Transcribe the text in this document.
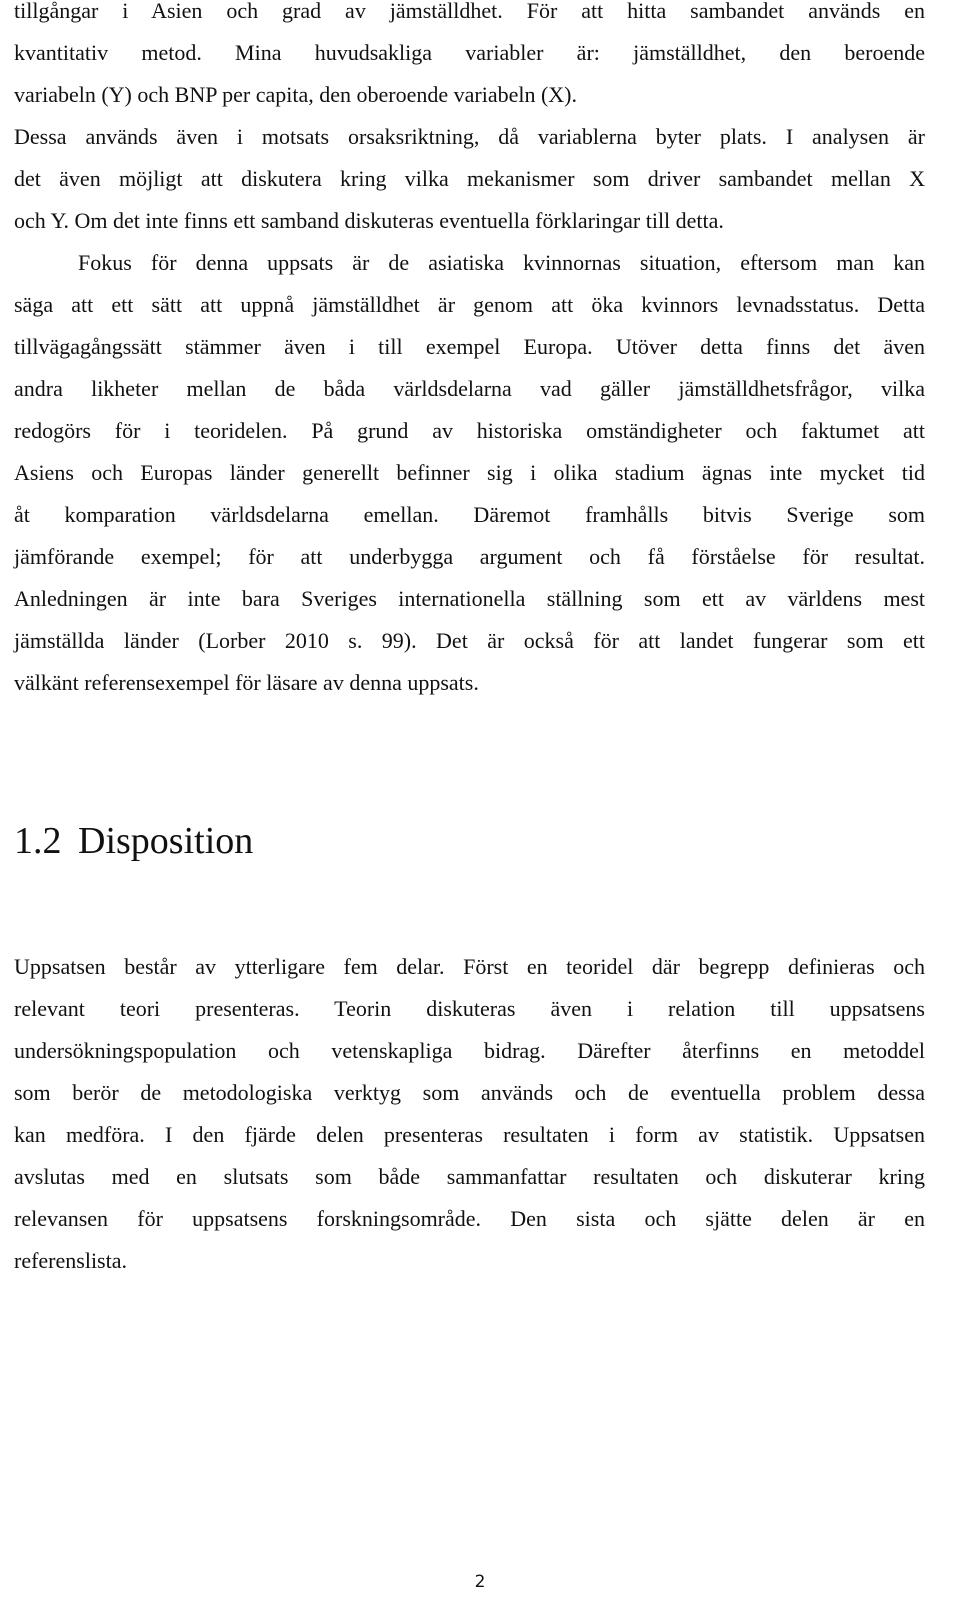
tillgångar i Asien och grad av jämställdhet. För att hitta sambandet används en
kvantitativ metod. Mina huvudsakliga variabler är: jämställdhet, den beroende
variabeln (Y) och BNP per capita, den oberoende variabeln (X).
Dessa används även i motsats orsaksriktning, då variablerna byter plats. I analysen är
det även möjligt att diskutera kring vilka mekanismer som driver sambandet mellan X
och Y. Om det inte finns ett samband diskuteras eventuella förklaringar till detta.
Fokus för denna uppsats är de asiatiska kvinnornas situation, eftersom man kan
säga att ett sätt att uppnå jämställdhet är genom att öka kvinnors levnadsstatus. Detta
tillvägagångssätt stämmer även i till exempel Europa. Utöver detta finns det även
andra likheter mellan de båda världsdelarna vad gäller jämställdhetsfrågor, vilka
redogörs för i teoridelen. På grund av historiska omständigheter och faktumet att
Asiens och Europas länder generellt befinner sig i olika stadium ägnas inte mycket tid
åt komparation världsdelarna emellan. Däremot framhålls bitvis Sverige som
jämförande exempel; för att underbygga argument och få förståelse för resultat.
Anledningen är inte bara Sveriges internationella ställning som ett av världens mest
jämställda länder (Lorber 2010 s. 99). Det är också för att landet fungerar som ett
välkänt referensexempel för läsare av denna uppsats.
1.2 Disposition
Uppsatsen består av ytterligare fem delar. Först en teoridel där begrepp definieras och
relevant teori presenteras. Teorin diskuteras även i relation till uppsatsens
undersökningspopulation och vetenskapliga bidrag. Därefter återfinns en metoddel
som berör de metodologiska verktyg som används och de eventuella problem dessa
kan medföra. I den fjärde delen presenteras resultaten i form av statistik. Uppsatsen
avslutas med en slutsats som både sammanfattar resultaten och diskuterar kring
relevansen för uppsatsens forskningsområde. Den sista och sjätte delen är en
referenslista.
2
